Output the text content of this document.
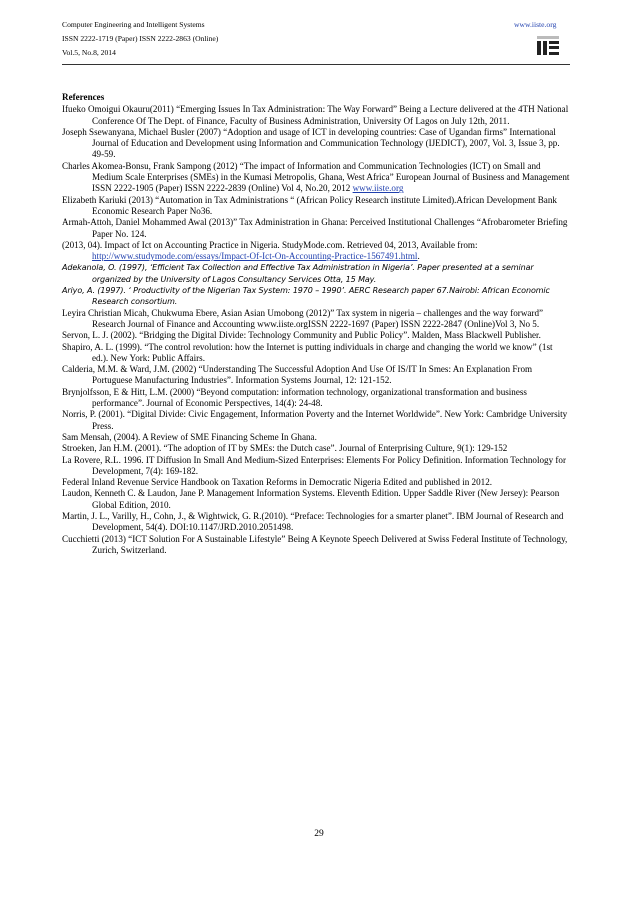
Computer Engineering and Intelligent Systems
ISSN 2222-1719 (Paper) ISSN 2222-2863 (Online)
Vol.5, No.8, 2014
www.iiste.org
References

Ifueko Omoigui Okauru(2011) “Emerging Issues In Tax Administration: The Way Forward” Being a Lecture delivered at the 4TH National Conference Of The Dept. of Finance, Faculty of Business Administration, University Of Lagos on July 12th, 2011.

Joseph Ssewanyana, Michael Busler (2007) “Adoption and usage of ICT in developing countries: Case of Ugandan firms” International Journal of Education and Development using Information and Communication Technology (IJEDICT), 2007, Vol. 3, Issue 3, pp. 49-59.

Charles Akomea-Bonsu, Frank Sampong (2012) “The impact of Information and Communication Technologies (ICT) on Small and Medium Scale Enterprises (SMEs) in the Kumasi Metropolis, Ghana, West Africa” European Journal of Business and Management ISSN 2222-1905 (Paper) ISSN 2222-2839 (Online) Vol 4, No.20, 2012 www.iiste.org

Elizabeth Kariuki (2013) “Automation in Tax Administrations “ (African Policy Research institute Limited).African Development Bank Economic Research Paper No36.

Armah-Attoh, Daniel Mohammed Awal (2013)” Tax Administration in Ghana: Perceived Institutional Challenges “Afrobarometer Briefing Paper No. 124.

(2013, 04). Impact of Ict on Accounting Practice in Nigeria. StudyMode.com. Retrieved 04, 2013, Available from: http://www.studymode.com/essays/Impact-Of-Ict-On-Accounting-Practice-1567491.html.

Adekanola, O. (1997), ‘Efficient Tax Collection and Effective Tax Administration in Nigeria’. Paper presented at a seminar organized by the University of Lagos Consultancy Services Otta, 15 May.

Ariyo, A. (1997). ‘ Productivity of the Nigerian Tax System: 1970 – 1990’. AERC Research paper 67.Nairobi: African Economic Research consortium.

Leyira Christian Micah, Chukwuma Ebere, Asian Asian Umobong (2012)” Tax system in nigeria – challenges and the way forward” Research Journal of Finance and Accounting www.iiste.orgISSN 2222-1697 (Paper) ISSN 2222-2847 (Online)Vol 3, No 5.

Servon, L. J. (2002). “Bridging the Digital Divide: Technology Community and Public Policy”. Malden, Mass Blackwell Publisher.

Shapiro, A. L. (1999). “The control revolution: how the Internet is putting individuals in charge and changing the world we know” (1st ed.). New York: Public Affairs.

Calderia, M.M. & Ward, J.M. (2002) “Understanding The Successful Adoption And Use Of IS/IT In Smes: An Explanation From Portuguese Manufacturing Industries”. Information Systems Journal, 12: 121-152.

Brynjolfsson, E & Hitt, L.M. (2000) “Beyond computation: information technology, organizational transformation and business performance”. Journal of Economic Perspectives, 14(4): 24-48.

Norris, P. (2001). “Digital Divide: Civic Engagement, Information Poverty and the Internet Worldwide”. New York: Cambridge University Press.

Sam Mensah, (2004). A Review of SME Financing Scheme In Ghana.

Stroeken, Jan H.M. (2001). “The adoption of IT by SMEs: the Dutch case”. Journal of Enterprising Culture, 9(1): 129-152

La Rovere, R.L. 1996. IT Diffusion In Small And Medium-Sized Enterprises: Elements For Policy Definition. Information Technology for Development, 7(4): 169-182.

Federal Inland Revenue Service Handbook on Taxation Reforms in Democratic Nigeria Edited and published in 2012.

Laudon, Kenneth C. & Laudon, Jane P. Management Information Systems. Eleventh Edition. Upper Saddle River (New Jersey): Pearson Global Edition, 2010.

Martin, J. L., Varilly, H., Cohn, J., & Wightwick, G. R.(2010). “Preface: Technologies for a smarter planet”. IBM Journal of Research and Development, 54(4). DOI:10.1147/JRD.2010.2051498.

Cucchietti (2013) “ICT Solution For A Sustainable Lifestyle” Being A Keynote Speech Delivered at Swiss Federal Institute of Technology, Zurich, Switzerland.

29
